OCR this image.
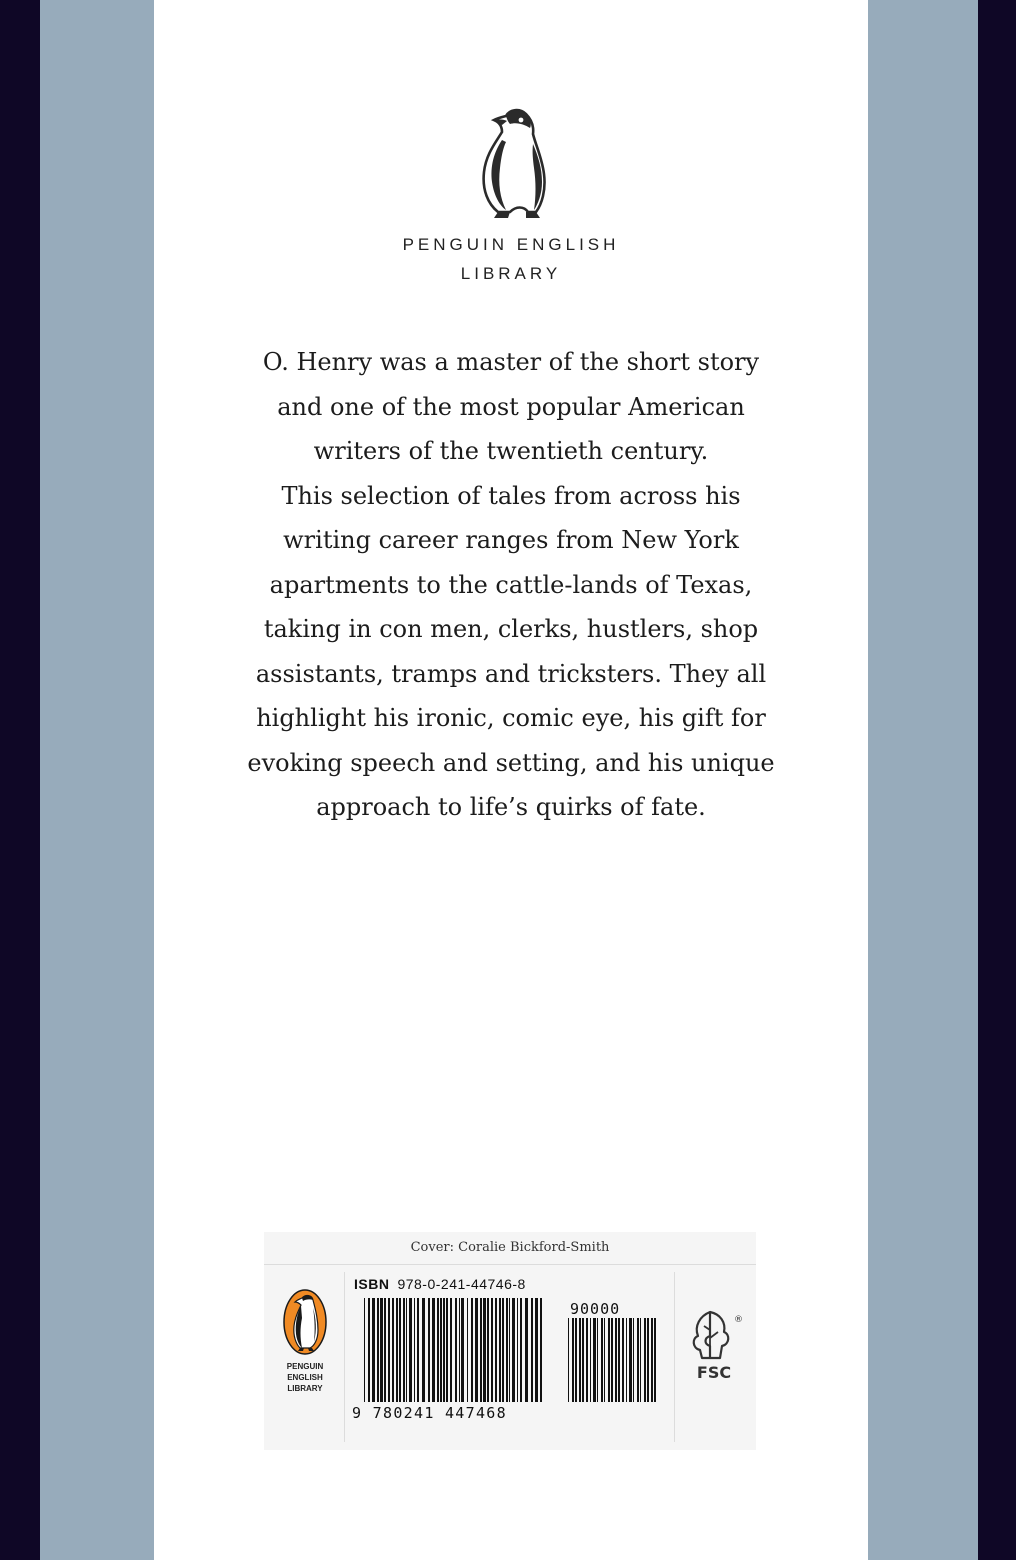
PENGUIN ENGLISH
LIBRARY
O. Henry was a master of the short story
and one of the most popular American
writers of the twentieth century.
This selection of tales from across his
writing career ranges from New York
apartments to the cattle-lands of Texas,
taking in con men, clerks, hustlers, shop
assistants, tramps and tricksters. They all
highlight his ironic, comic eye, his gift for
evoking speech and setting, and his unique
approach to life’s quirks of fate.
Cover: Coralie Bickford-Smith
PENGUIN
ENGLISH
LIBRARY
ISBN 978-0-241-44746-8
90000
9 780241 447468
®
FSC
